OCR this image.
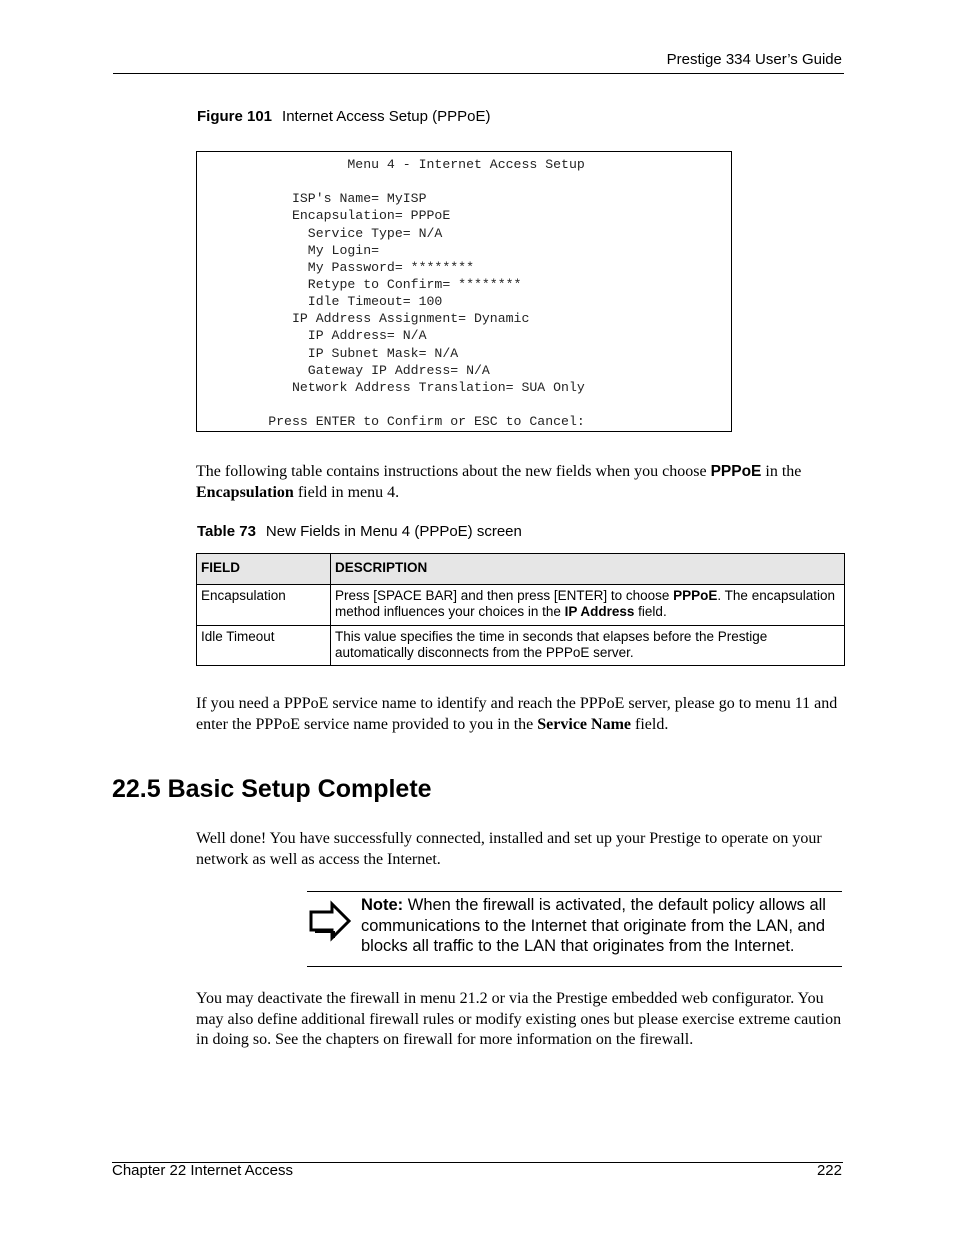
Prestige 334 User’s Guide
Figure 101 Internet Access Setup (PPPoE)
Menu 4 - Internet Access Setup
ISP's Name= MyISP
Encapsulation= PPPoE
Service Type= N/A
My Login=
My Password= ********
Retype to Confirm= ********
Idle Timeout= 100
IP Address Assignment= Dynamic
IP Address= N/A
IP Subnet Mask= N/A
Gateway IP Address= N/A
Network Address Translation= SUA Only
Press ENTER to Confirm or ESC to Cancel:
The following table contains instructions about the new fields when you choose PPPoE in the Encapsulation field in menu 4.
Table 73 New Fields in Menu 4 (PPPoE) screen
FIELD	DESCRIPTION
Encapsulation	Press [SPACE BAR] and then press [ENTER] to choose PPPoE. The encapsulation method influences your choices in the IP Address field.
Idle Timeout	This value specifies the time in seconds that elapses before the Prestige automatically disconnects from the PPPoE server.
If you need a PPPoE service name to identify and reach the PPPoE server, please go to menu 11 and enter the PPPoE service name provided to you in the Service Name field.
22.5 Basic Setup Complete
Well done! You have successfully connected, installed and set up your Prestige to operate on your network as well as access the Internet.
Note: When the firewall is activated, the default policy allows all communications to the Internet that originate from the LAN, and blocks all traffic to the LAN that originates from the Internet.
You may deactivate the firewall in menu 21.2 or via the Prestige embedded web configurator. You may also define additional firewall rules or modify existing ones but please exercise extreme caution in doing so. See the chapters on firewall for more information on the firewall.
Chapter 22 Internet Access	222
